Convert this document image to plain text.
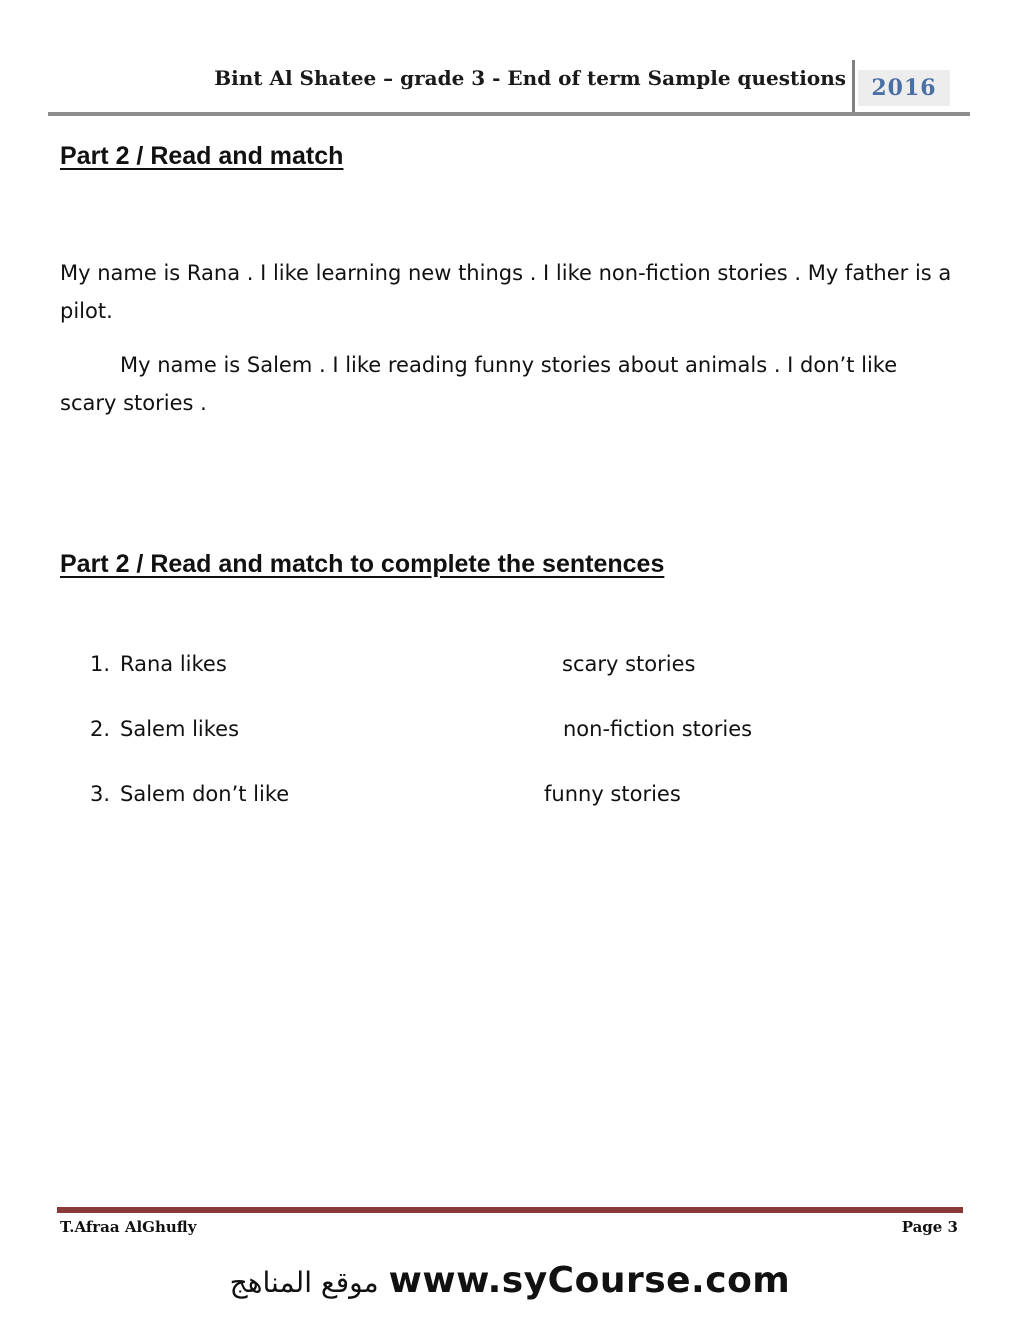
Bint Al Shatee – grade 3 - End of term Sample questions	2016
Part 2 / Read and match
My name is Rana . I like learning new things . I like non-fiction stories . My father is a pilot.
My name is Salem . I like reading funny stories about animals . I don’t like scary stories .
Part 2 / Read and match to complete the sentences
1. Rana likes	scary stories
2. Salem likes	non-fiction stories
3. Salem don’t like	funny stories
T.Afraa AlGhufly	Page 3
موقع المناهج www.syCourse.com
